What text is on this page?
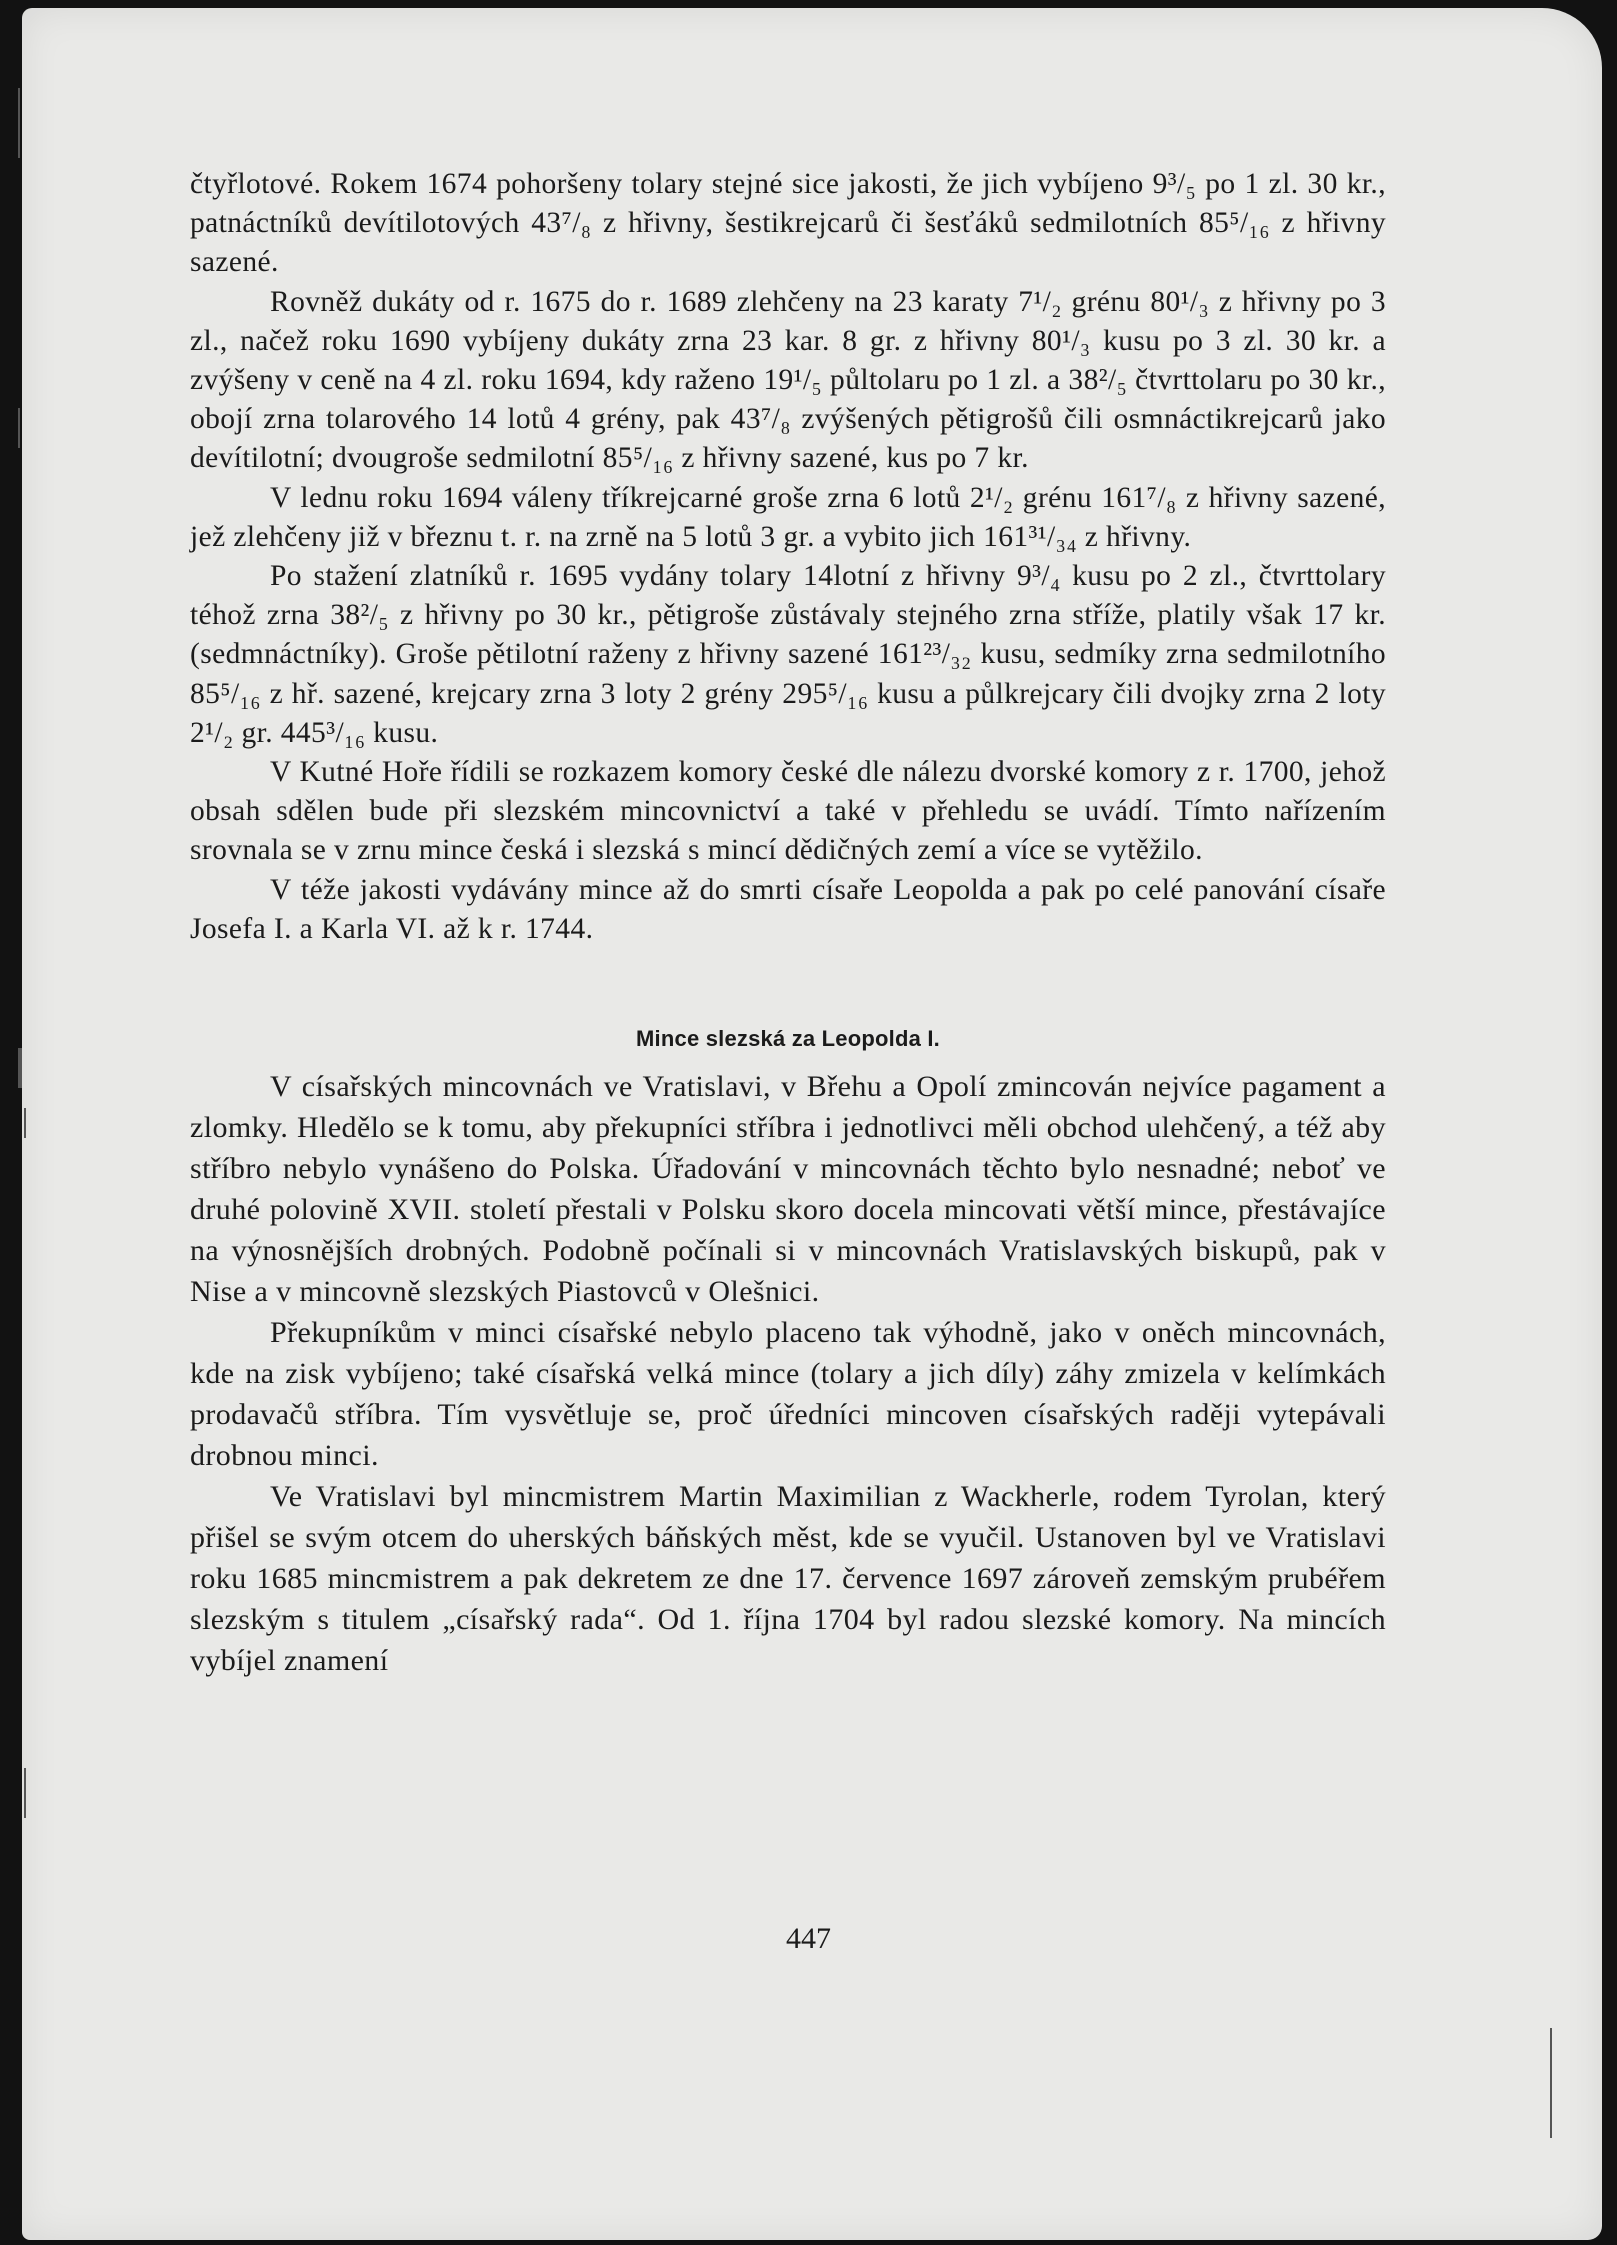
čtyřlotové. Rokem 1674 pohoršeny tolary stejné sice jakosti, že jich vybíjeno 9³/₅ po 1 zl. 30 kr., patnáctníků devítilotových 43⁷/₈ z hřivny, šestikrejcarů či šesťáků sedmilotních 85⁵/₁₆ z hřivny sazené.

Rovněž dukáty od r. 1675 do r. 1689 zlehčeny na 23 karaty 7¹/₂ grénu 80¹/₃ z hřivny po 3 zl., načež roku 1690 vybíjeny dukáty zrna 23 kar. 8 gr. z hřivny 80¹/₃ kusu po 3 zl. 30 kr. a zvýšeny v ceně na 4 zl. roku 1694, kdy raženo 19¹/₅ půltolaru po 1 zl. a 38²/₅ čtvrttolaru po 30 kr., obojí zrna tolarového 14 lotů 4 grény, pak 43⁷/₈ zvýšených pětigrošů čili osmnáctikrejcarů jako devítilotní; dvougroše sedmilotní 85⁵/₁₆ z hřivny sazené, kus po 7 kr.

V lednu roku 1694 váleny tříkrejcarné groše zrna 6 lotů 2¹/₂ grénu 161⁷/₈ z hřivny sazené, jež zlehčeny již v březnu t. r. na zrně na 5 lotů 3 gr. a vybito jich 161³¹/₃₄ z hřivny.

Po stažení zlatníků r. 1695 vydány tolary 14lotní z hřivny 9³/₄ kusu po 2 zl., čtvrttolary téhož zrna 38²/₅ z hřivny po 30 kr., pětigroše zůstávaly stejného zrna stříže, platily však 17 kr. (sedmnáctníky). Groše pětilotní raženy z hřivny sazené 161²³/₃₂ kusu, sedmíky zrna sedmilotního 85⁵/₁₆ z hř. sazené, krejcary zrna 3 loty 2 grény 295⁵/₁₆ kusu a půlkrejcary čili dvojky zrna 2 loty 2¹/₂ gr. 445³/₁₆ kusu.

V Kutné Hoře řídili se rozkazem komory české dle nálezu dvorské komory z r. 1700, jehož obsah sdělen bude při slezském mincovnictví a také v přehledu se uvádí. Tímto nařízením srovnala se v zrnu mince česká i slezská s mincí dědičných zemí a více se vytěžilo.

V téže jakosti vydávány mince až do smrti císaře Leopolda a pak po celé panování císaře Josefa I. a Karla VI. až k r. 1744.

Mince slezská za Leopolda I.

V císařských mincovnách ve Vratislavi, v Břehu a Opolí zmincován nejvíce pagament a zlomky. Hledělo se k tomu, aby překupníci stříbra i jednotlivci měli obchod ulehčený, a též aby stříbro nebylo vynášeno do Polska. Úřadování v mincovnách těchto bylo nesnadné; neboť ve druhé polovině XVII. století přestali v Polsku skoro docela mincovati větší mince, přestávajíce na výnosnějších drobných. Podobně počínali si v mincovnách Vratislavských biskupů, pak v Nise a v mincovně slezských Piastovců v Olešnici.

Překupníkům v minci císařské nebylo placeno tak výhodně, jako v oněch mincovnách, kde na zisk vybíjeno; také císařská velká mince (tolary a jich díly) záhy zmizela v kelímkách prodavačů stříbra. Tím vysvětluje se, proč úředníci mincoven císařských raději vytepávali drobnou minci.

Ve Vratislavi byl mincmistrem Martin Maximilian z Wackherle, rodem Tyrolan, který přišel se svým otcem do uherských báňských měst, kde se vyučil. Ustanoven byl ve Vratislavi roku 1685 mincmistrem a pak dekretem ze dne 17. července 1697 zároveň zemským prubéřem slezským s titulem „císařský rada“. Od 1. října 1704 byl radou slezské komory. Na mincích vybíjel znamení

447
